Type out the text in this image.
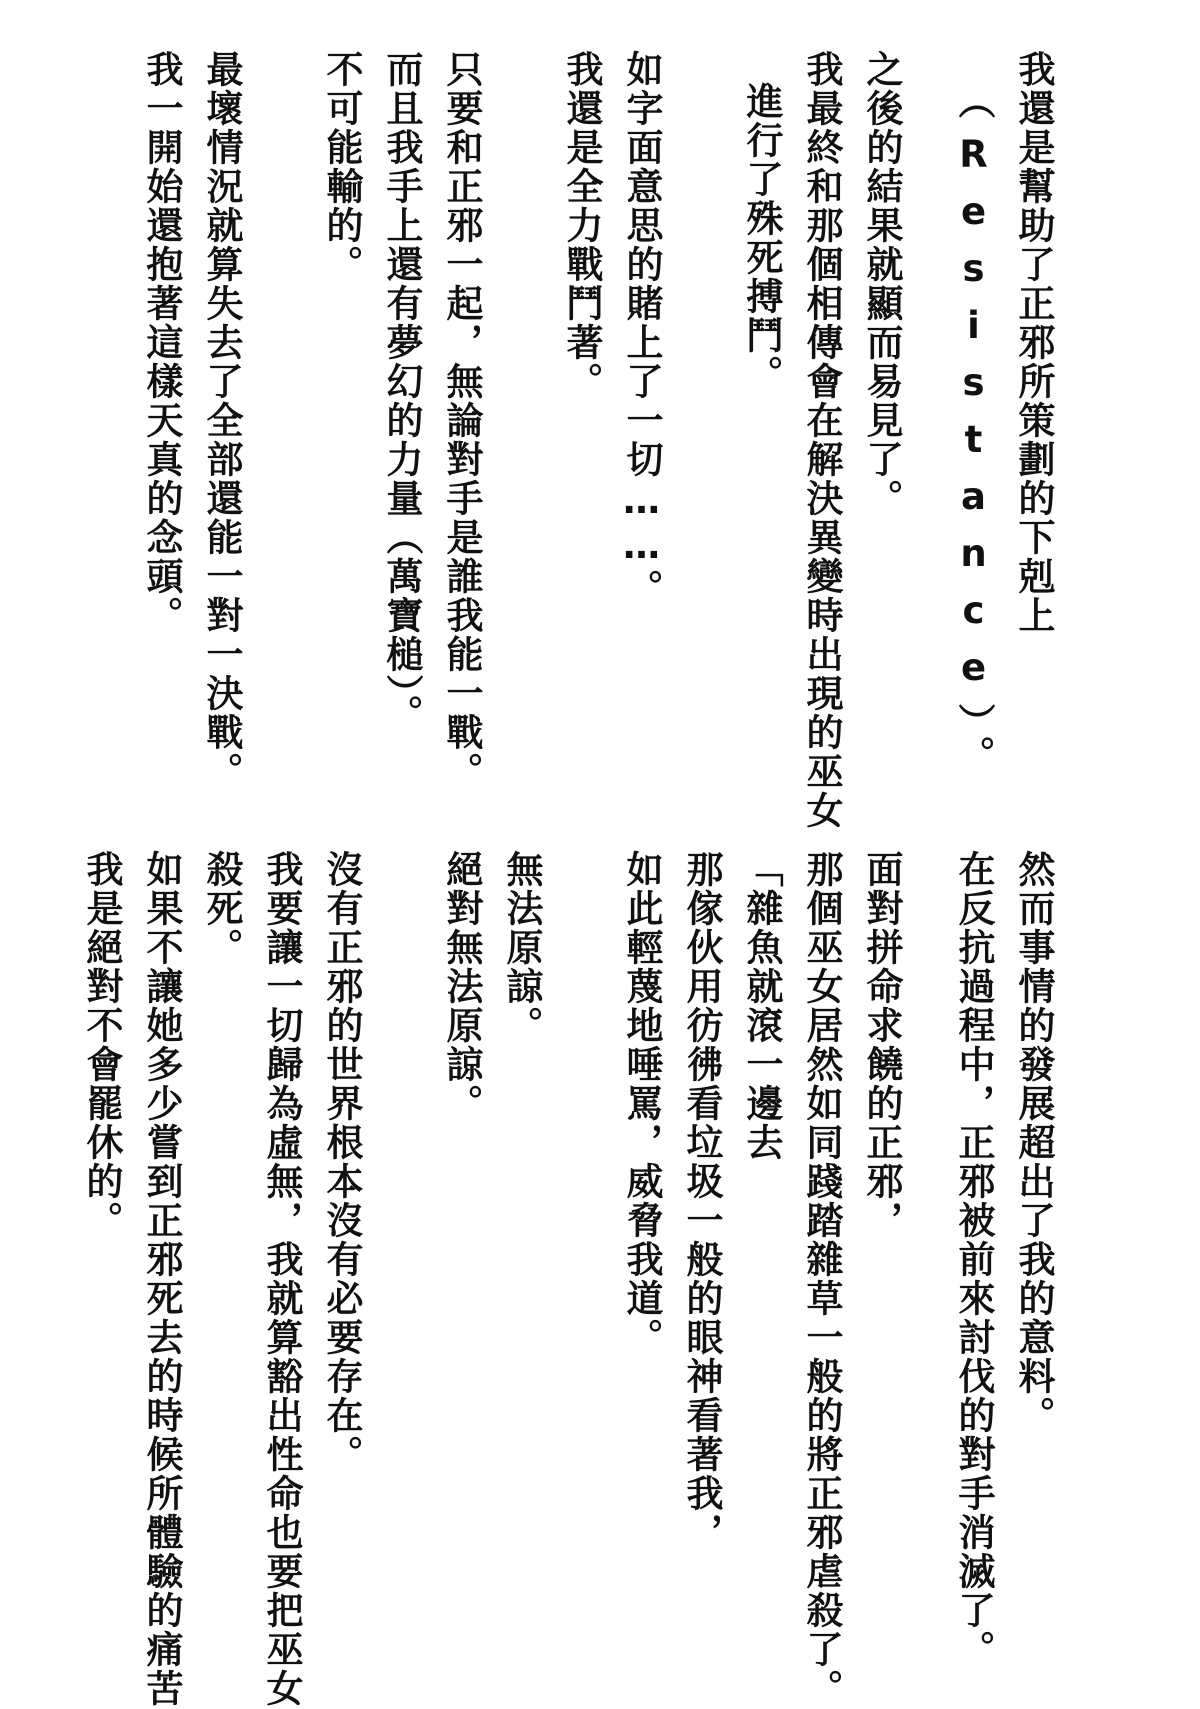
我還是幫助了正邪所策劃的下剋上
（Resistance）。
之後的結果就顯而易見了。
我最終和那個相傳會在解決異變時出現的巫女
進行了殊死搏鬥。
如字面意思的賭上了一切……。
我還是全力戰鬥著。
只要和正邪一起，無論對手是誰我能一戰。
而且我手上還有夢幻的力量（萬寶槌）。
不可能輸的。
最壞情況就算失去了全部還能一對一決戰。
我一開始還抱著這樣天真的念頭。
然而事情的發展超出了我的意料。
在反抗過程中，正邪被前來討伐的對手消滅了。
面對拼命求饒的正邪，
那個巫女居然如同踐踏雜草一般的將正邪虐殺了。
「雜魚就滾一邊去
那傢伙用彷彿看垃圾一般的眼神看著我，
如此輕蔑地唾罵，威脅我道。
無法原諒。
絕對無法原諒。
沒有正邪的世界根本沒有必要存在。
我要讓一切歸為虛無，我就算豁出性命也要把巫女
殺死。
如果不讓她多少嘗到正邪死去的時候所體驗的痛苦
我是絕對不會罷休的。
